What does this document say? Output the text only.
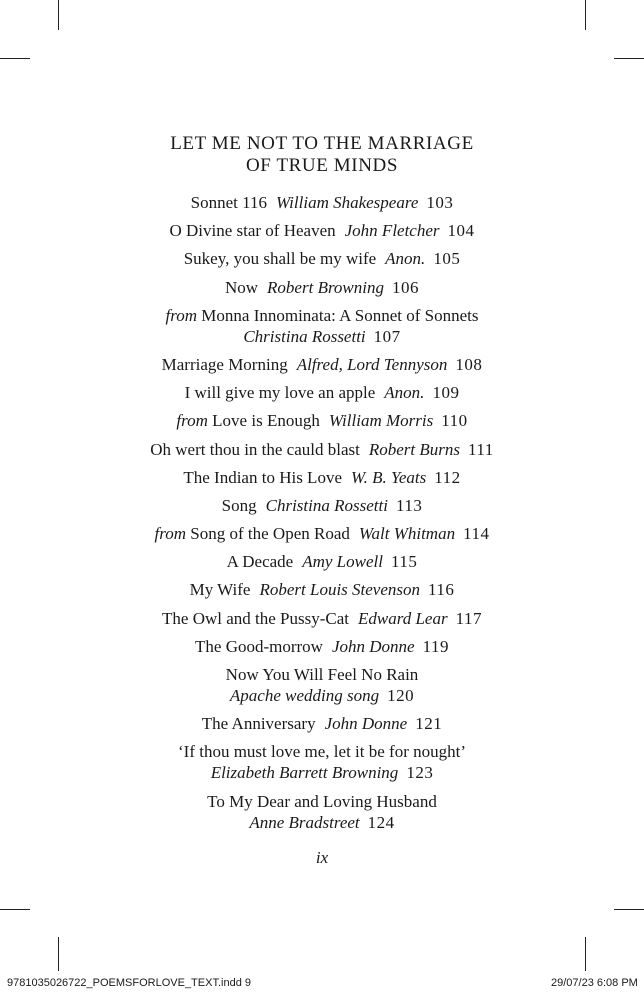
LET ME NOT TO THE MARRIAGE
OF TRUE MINDS
Sonnet 116 William Shakespeare 103
O Divine star of Heaven John Fletcher 104
Sukey, you shall be my wife Anon. 105
Now Robert Browning 106
from Monna Innominata: A Sonnet of Sonnets
Christina Rossetti 107
Marriage Morning Alfred, Lord Tennyson 108
I will give my love an apple Anon. 109
from Love is Enough William Morris 110
Oh wert thou in the cauld blast Robert Burns 111
The Indian to His Love W. B. Yeats 112
Song Christina Rossetti 113
from Song of the Open Road Walt Whitman 114
A Decade Amy Lowell 115
My Wife Robert Louis Stevenson 116
The Owl and the Pussy-Cat Edward Lear 117
The Good-morrow John Donne 119
Now You Will Feel No Rain
Apache wedding song 120
The Anniversary John Donne 121
‘If thou must love me, let it be for nought’
Elizabeth Barrett Browning 123
To My Dear and Loving Husband
Anne Bradstreet 124
ix
9781035026722_POEMSFORLOVE_TEXT.indd 9	29/07/23 6:08 PM
